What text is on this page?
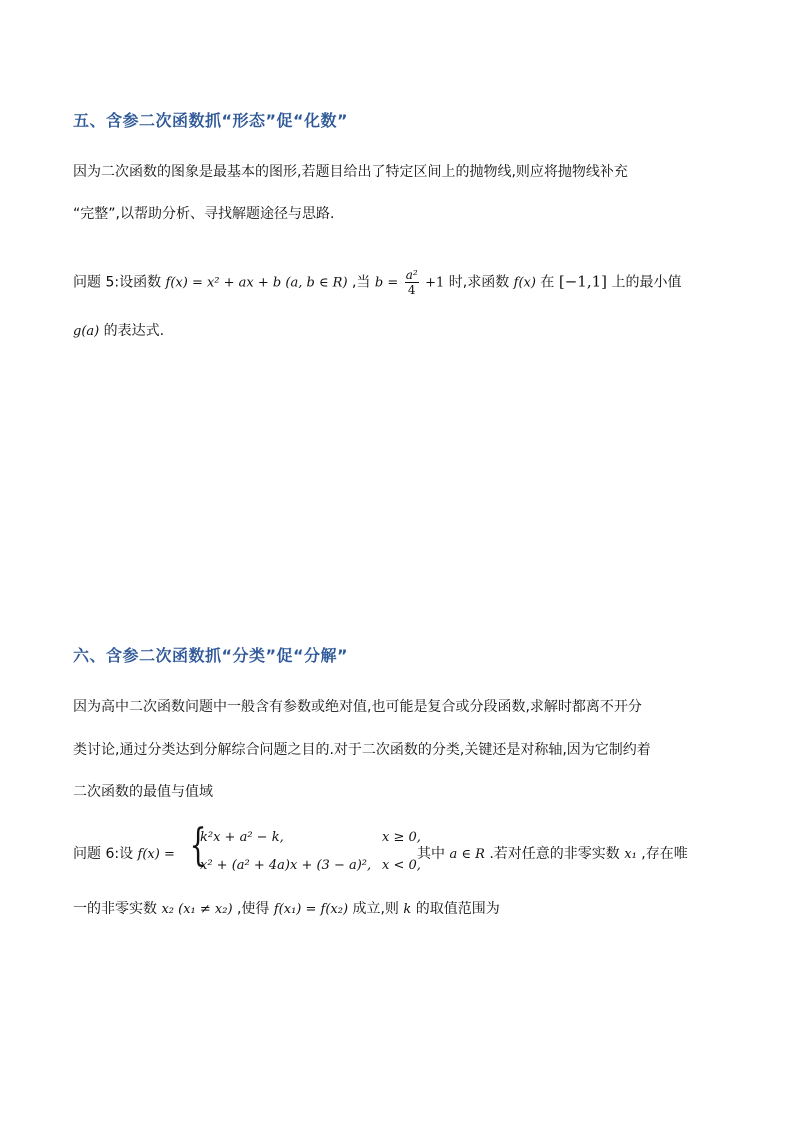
五、含参二次函数抓“形态”促“化数”
因为二次函数的图象是最基本的图形,若题目给出了特定区间上的抛物线,则应将抛物线补充
“完整”,以帮助分析、寻找解题途径与思路.
问题 5:设函数 f(x) = x² + ax + b (a, b ∈ R) ,当 $b = \frac{\text{a²}}{4} +1$ 时,求函数 f(x) 在 [−1,1] 上的最小值
g(a) 的表达式.
六、含参二次函数抓“分类”促“分解”
因为高中二次函数问题中一般含有参数或绝对值,也可能是复合或分段函数,求解时都离不开分
类讨论,通过分类达到分解综合问题之目的.对于二次函数的分类,关键还是对称轴,因为它制约着
二次函数的最值与值域
问题 6:设 f(x) = {
k²x + a² − k,	x ≥ 0,
x² + (a² + 4a)x + (3 − a)², x < 0,
其中 a ∈ R .若对任意的非零实数 x₁ ,存在唯
一的非零实数 x₂ (x₁ ≠ x₂) ,使得 f(x₁) = f(x₂) 成立,则 k 的取值范围为
